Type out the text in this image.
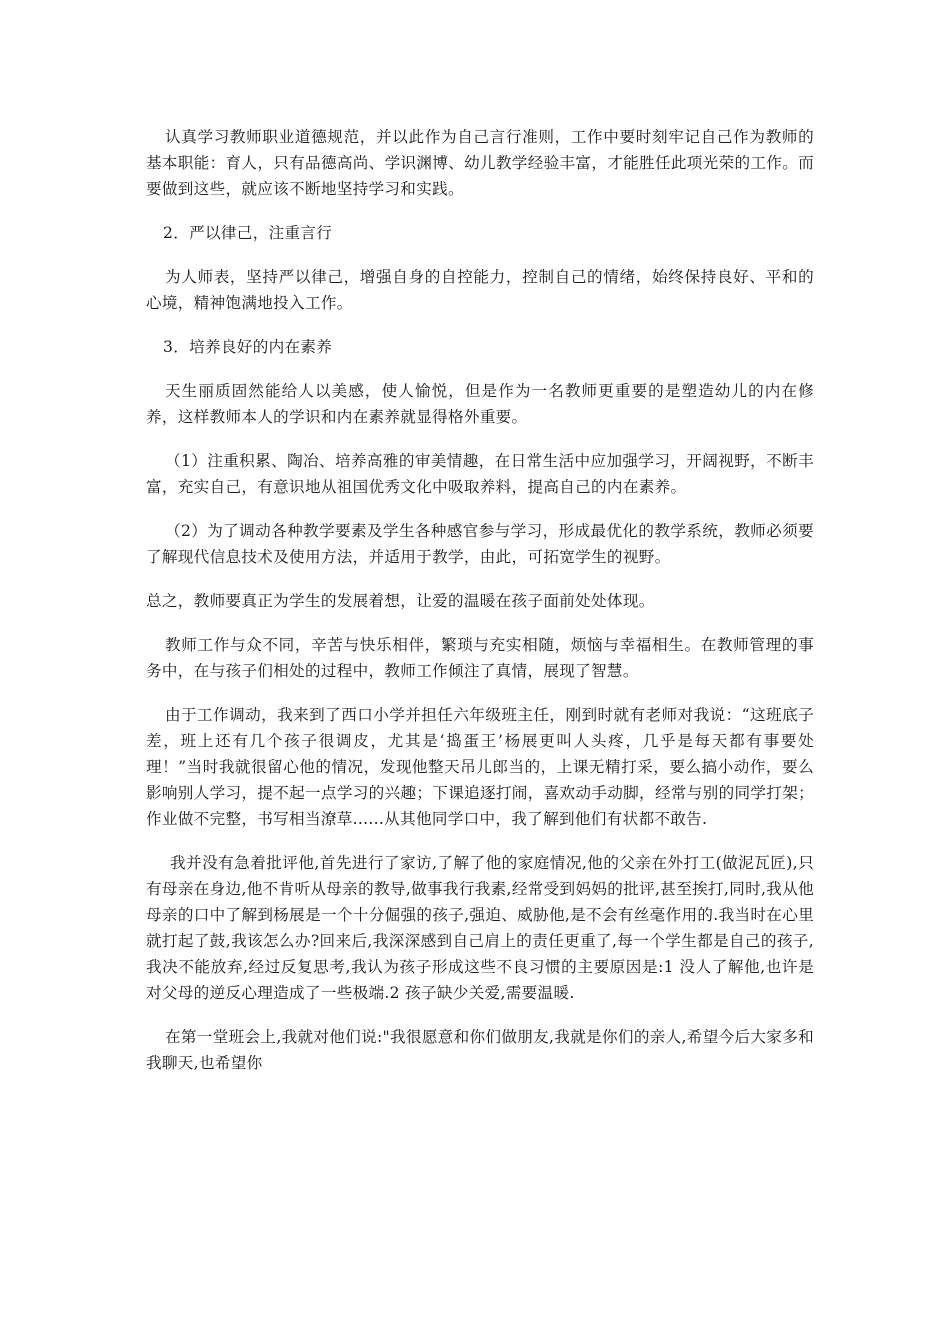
认真学习教师职业道德规范，并以此作为自己言行准则，工作中要时刻牢记自己作为教师的基本职能：育人，只有品德高尚、学识渊博、幼儿教学经验丰富，才能胜任此项光荣的工作。而要做到这些，就应该不断地坚持学习和实践。

2．严以律己，注重言行

为人师表，坚持严以律己，增强自身的自控能力，控制自己的情绪，始终保持良好、平和的心境，精神饱满地投入工作。

3．培养良好的内在素养

天生丽质固然能给人以美感，使人愉悦，但是作为一名教师更重要的是塑造幼儿的内在修养，这样教师本人的学识和内在素养就显得格外重要。

（1）注重积累、陶冶、培养高雅的审美情趣，在日常生活中应加强学习，开阔视野，不断丰富，充实自己，有意识地从祖国优秀文化中吸取养料，提高自己的内在素养。

（2）为了调动各种教学要素及学生各种感官参与学习，形成最优化的教学系统，教师必须要了解现代信息技术及使用方法，并适用于教学，由此，可拓宽学生的视野。

总之，教师要真正为学生的发展着想，让爱的温暖在孩子面前处处体现。

教师工作与众不同，辛苦与快乐相伴，繁琐与充实相随，烦恼与幸福相生。在教师管理的事务中，在与孩子们相处的过程中，教师工作倾注了真情，展现了智慧。

由于工作调动，我来到了西口小学并担任六年级班主任，刚到时就有老师对我说：“这班底子差，班上还有几个孩子很调皮，尤其是‘捣蛋王’杨展更叫人头疼，几乎是每天都有事要处理！”当时我就很留心他的情况，发现他整天吊儿郎当的，上课无精打采，要么搞小动作，要么影响别人学习，提不起一点学习的兴趣；下课追逐打闹，喜欢动手动脚，经常与别的同学打架；作业做不完整，书写相当潦草......从其他同学口中，我了解到他们有状都不敢告.

我并没有急着批评他,首先进行了家访,了解了他的家庭情况,他的父亲在外打工(做泥瓦匠),只有母亲在身边,他不肯听从母亲的教导,做事我行我素,经常受到妈妈的批评,甚至挨打,同时,我从他母亲的口中了解到杨展是一个十分倔强的孩子,强迫、威胁他,是不会有丝毫作用的.我当时在心里就打起了鼓,我该怎么办?回来后,我深深感到自己肩上的责任更重了,每一个学生都是自己的孩子,我决不能放弃,经过反复思考,我认为孩子形成这些不良习惯的主要原因是:1 没人了解他,也许是对父母的逆反心理造成了一些极端.2 孩子缺少关爱,需要温暖.

在第一堂班会上,我就对他们说:"我很愿意和你们做朋友,我就是你们的亲人,希望今后大家多和我聊天,也希望你
